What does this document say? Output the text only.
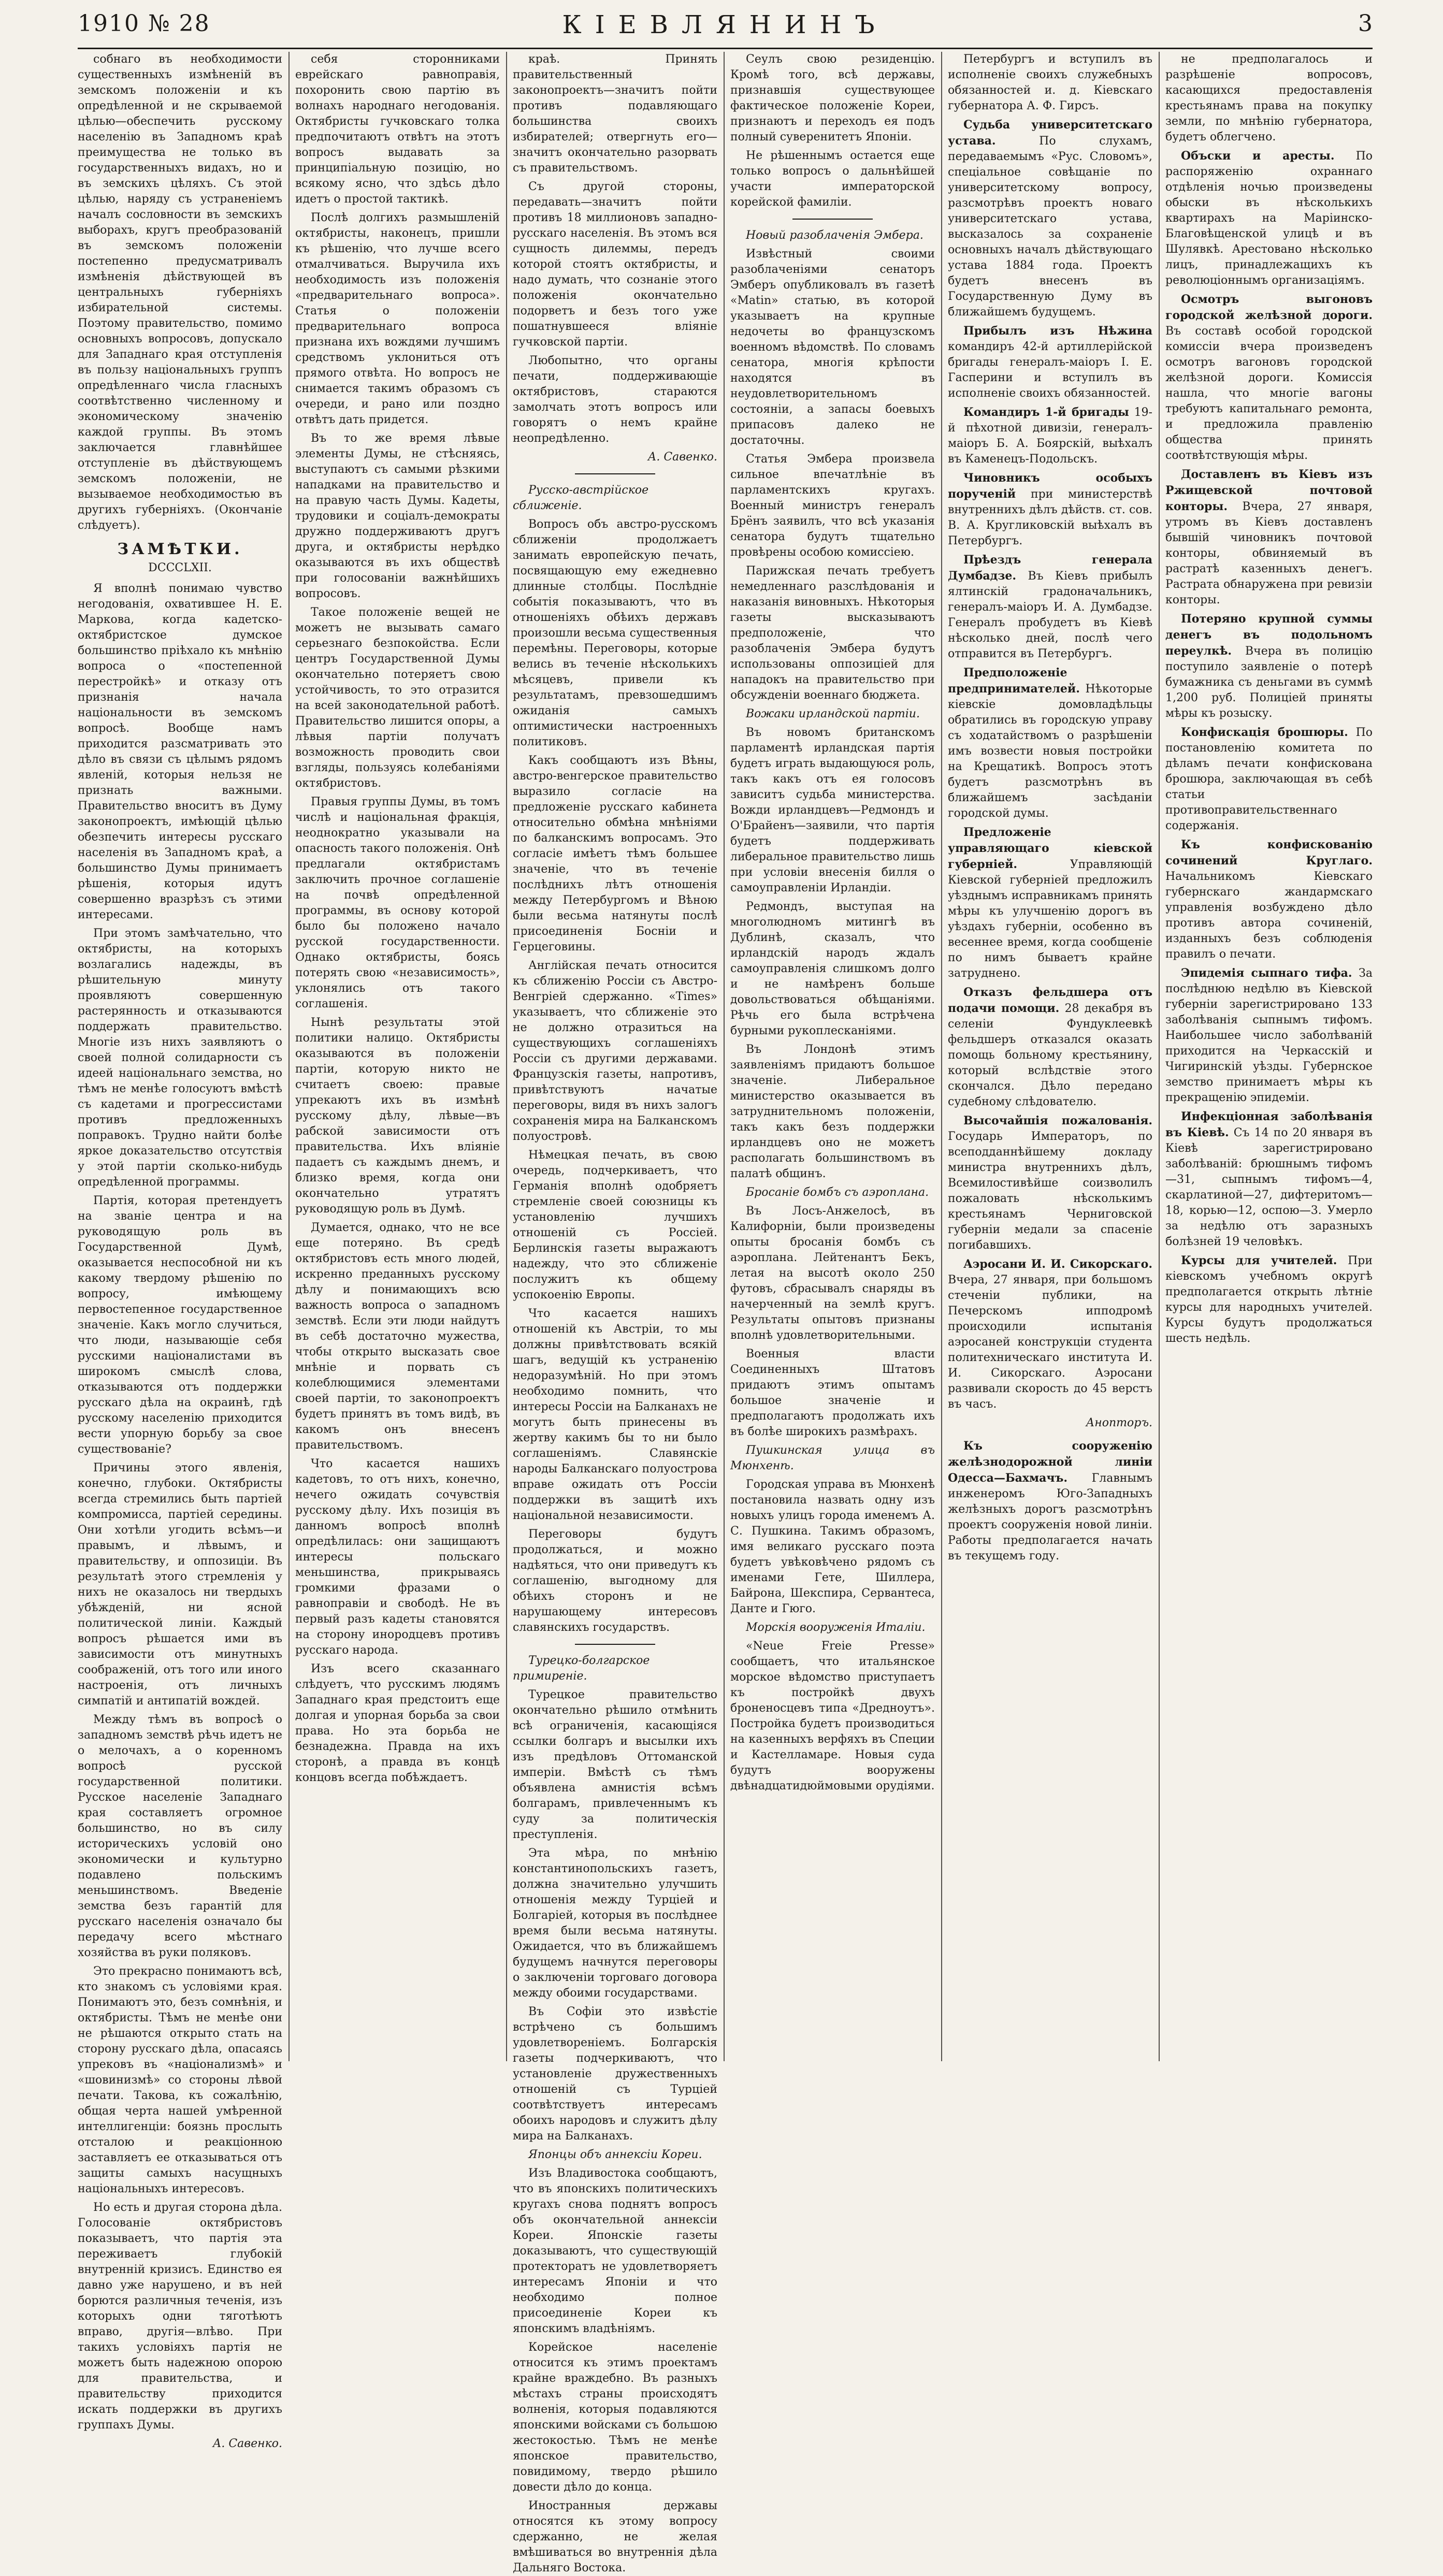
1910 № 28	КІЕВЛЯНИНЪ	3

собнаго въ необходимости существенныхъ измѣненій въ земскомъ положеніи и къ опредѣленной и не скрываемой цѣлью—обеспечить русскому населенію въ Западномъ краѣ преимущества не только въ государственныхъ видахъ, но и въ земскихъ цѣляхъ. Съ этой цѣлью, наряду съ устраненіемъ началъ сословности въ земскихъ выборахъ, кругъ преобразованій въ земскомъ положеніи постепенно предусматривалъ измѣненія дѣйствующей въ центральныхъ губерніяхъ избирательной системы. Поэтому правительство, помимо основныхъ вопросовъ, допускало для Западнаго края отступленія въ пользу національныхъ группъ опредѣленнаго числа гласныхъ соотвѣтственно численному и экономическому значенію каждой группы. Въ этомъ заключается главнѣйшее отступленіе въ дѣйствующемъ земскомъ положеніи, не вызываемое необходимостью въ другихъ губерніяхъ. (Окончаніе слѣдуетъ).

ЗАМѢТКИ.
DCCCLXII.

Я вполнѣ понимаю чувство негодованія, охватившее Н. Е. Маркова, когда кадетско-октябристское думское большинство пріѣхало къ мнѣнію вопроса о «постепенной перестройкѣ» и отказу отъ признанія начала національности въ земскомъ вопросѣ. Вообще намъ приходится разсматривать это дѣло въ связи съ цѣлымъ рядомъ явленій, которыя нельзя не признать важными. Правительство вноситъ въ Думу законопроектъ, имѣющій цѣлью обезпечить интересы русскаго населенія въ Западномъ краѣ, а большинство Думы принимаетъ рѣшенія, которыя идутъ совершенно вразрѣзъ съ этими интересами.

При этомъ замѣчательно, что октябристы, на которыхъ возлагались надежды, въ рѣшительную минуту проявляютъ совершенную растерянность и отказываются поддержать правительство. Многіе изъ нихъ заявляютъ о своей полной солидарности съ идеей національнаго земства, но тѣмъ не менѣе голосуютъ вмѣстѣ съ кадетами и прогрессистами противъ предложенныхъ поправокъ. Трудно найти болѣе яркое доказательство отсутствія у этой партіи сколько-нибудь опредѣленной программы.

Партія, которая претендуетъ на званіе центра и на руководящую роль въ Государственной Думѣ, оказывается неспособной ни къ какому твердому рѣшенію по вопросу, имѣющему первостепенное государственное значеніе. Какъ могло случиться, что люди, называющіе себя русскими націоналистами въ широкомъ смыслѣ слова, отказываются отъ поддержки русскаго дѣла на окраинѣ, гдѣ русскому населенію приходится вести упорную борьбу за свое существованіе?

Причины этого явленія, конечно, глубоки. Октябристы всегда стремились быть партіей компромисса, партіей середины. Они хотѣли угодить всѣмъ—и правымъ, и лѣвымъ, и правительству, и оппозиціи. Въ результатѣ этого стремленія у нихъ не оказалось ни твердыхъ убѣжденій, ни ясной политической линіи. Каждый вопросъ рѣшается ими въ зависимости отъ минутныхъ соображеній, отъ того или иного настроенія, отъ личныхъ симпатій и антипатій вождей.

Между тѣмъ въ вопросѣ о западномъ земствѣ рѣчь идетъ не о мелочахъ, а о коренномъ вопросѣ русской государственной политики. Русское населеніе Западнаго края составляетъ огромное большинство, но въ силу историческихъ условій оно экономически и культурно подавлено польскимъ меньшинствомъ. Введеніе земства безъ гарантій для русскаго населенія означало бы передачу всего мѣстнаго хозяйства въ руки поляковъ.

Это прекрасно понимаютъ всѣ, кто знакомъ съ условіями края. Понимаютъ это, безъ сомнѣнія, и октябристы. Тѣмъ не менѣе они не рѣшаются открыто стать на сторону русскаго дѣла, опасаясь упрековъ въ «націонализмѣ» и «шовинизмѣ» со стороны лѣвой печати. Такова, къ сожалѣнію, общая черта нашей умѣренной интеллигенціи: боязнь прослыть отсталою и реакціонною заставляетъ ее отказываться отъ защиты самыхъ насущныхъ національныхъ интересовъ.

Но есть и другая сторона дѣла. Голосованіе октябристовъ показываетъ, что партія эта переживаетъ глубокій внутренній кризисъ. Единство ея давно уже нарушено, и въ ней борются различныя теченія, изъ которыхъ одни тяготѣютъ вправо, другія—влѣво. При такихъ условіяхъ партія не можетъ быть надежною опорою для правительства, и правительству приходится искать поддержки въ другихъ группахъ Думы.

А. Савенко.

себя сторонниками еврейскаго равноправія, похоронить свою партію въ волнахъ народнаго негодованія. Октябристы гучковскаго толка предпочитаютъ отвѣтъ на этотъ вопросъ выдавать за принципіальную позицію, но всякому ясно, что здѣсь дѣло идетъ о простой тактикѣ.

Послѣ долгихъ размышленій октябристы, наконецъ, пришли къ рѣшенію, что лучше всего отмалчиваться. Выручила ихъ необходимость изъ положенія «предварительнаго вопроса». Статья о положеніи предварительнаго вопроса признана ихъ вождями лучшимъ средствомъ уклониться отъ прямого отвѣта. Но вопросъ не снимается такимъ образомъ съ очереди, и рано или поздно отвѣтъ дать придется.

Въ то же время лѣвые элементы Думы, не стѣсняясь, выступаютъ съ самыми рѣзкими нападками на правительство и на правую часть Думы. Кадеты, трудовики и соціалъ-демократы дружно поддерживаютъ другъ друга, и октябристы нерѣдко оказываются въ ихъ обществѣ при голосованіи важнѣйшихъ вопросовъ.

Такое положеніе вещей не можетъ не вызывать самаго серьезнаго безпокойства. Если центръ Государственной Думы окончательно потеряетъ свою устойчивость, то это отразится на всей законодательной работѣ. Правительство лишится опоры, а лѣвыя партіи получатъ возможность проводить свои взгляды, пользуясь колебаніями октябристовъ.

Правыя группы Думы, въ томъ числѣ и національная фракція, неоднократно указывали на опасность такого положенія. Онѣ предлагали октябристамъ заключить прочное соглашеніе на почвѣ опредѣленной программы, въ основу которой было бы положено начало русской государственности. Однако октябристы, боясь потерять свою «независимость», уклонялись отъ такого соглашенія.

Нынѣ результаты этой политики налицо. Октябристы оказываются въ положеніи партіи, которую никто не считаетъ своею: правые упрекаютъ ихъ въ измѣнѣ русскому дѣлу, лѣвые—въ рабской зависимости отъ правительства. Ихъ вліяніе падаетъ съ каждымъ днемъ, и близко время, когда они окончательно утратятъ руководящую роль въ Думѣ.

Думается, однако, что не все еще потеряно. Въ средѣ октябристовъ есть много людей, искренно преданныхъ русскому дѣлу и понимающихъ всю важность вопроса о западномъ земствѣ. Если эти люди найдутъ въ себѣ достаточно мужества, чтобы открыто высказать свое мнѣніе и порвать съ колеблющимися элементами своей партіи, то законопроектъ будетъ принятъ въ томъ видѣ, въ какомъ онъ внесенъ правительствомъ.

Что касается нашихъ кадетовъ, то отъ нихъ, конечно, нечего ожидать сочувствія русскому дѣлу. Ихъ позиція въ данномъ вопросѣ вполнѣ опредѣлилась: они защищаютъ интересы польскаго меньшинства, прикрываясь громкими фразами о равноправіи и свободѣ. Не въ первый разъ кадеты становятся на сторону инородцевъ противъ русскаго народа.

Изъ всего сказаннаго слѣдуетъ, что русскимъ людямъ Западнаго края предстоитъ еще долгая и упорная борьба за свои права. Но эта борьба не безнадежна. Правда на ихъ сторонѣ, а правда въ концѣ концовъ всегда побѣждаетъ.

краѣ. Принять правительственный законопроектъ—значитъ пойти противъ подавляющаго большинства своихъ избирателей; отвергнуть его—значитъ окончательно разорвать съ правительствомъ.

Съ другой стороны, передавать—значитъ пойти противъ 18 миллионовъ западно-русскаго населенія. Въ этомъ вся сущность дилеммы, передъ которой стоятъ октябристы, и надо думать, что сознаніе этого положенія окончательно подорветъ и безъ того уже пошатнувшееся вліяніе гучковской партіи.

Любопытно, что органы печати, поддерживающіе октябристовъ, стараются замолчать этотъ вопросъ или говорятъ о немъ крайне неопредѣленно.

А. Савенко.

Русско-австрійское сближеніе.

Вопросъ объ австро-русскомъ сближеніи продолжаетъ занимать европейскую печать, посвящающую ему ежедневно длинные столбцы. Послѣдніе событія показываютъ, что въ отношеніяхъ обѣихъ державъ произошли весьма существенныя перемѣны. Переговоры, которые велись въ теченіе нѣсколькихъ мѣсяцевъ, привели къ результатамъ, превзошедшимъ ожиданія самыхъ оптимистически настроенныхъ политиковъ.

Какъ сообщаютъ изъ Вѣны, австро-венгерское правительство выразило согласіе на предложеніе русскаго кабинета относительно обмѣна мнѣніями по балканскимъ вопросамъ. Это согласіе имѣетъ тѣмъ большее значеніе, что въ теченіе послѣднихъ лѣтъ отношенія между Петербургомъ и Вѣною были весьма натянуты послѣ присоединенія Босніи и Герцеговины.

Англійская печать относится къ сближенію Россіи съ Австро-Венгріей сдержанно. «Times» указываетъ, что сближеніе это не должно отразиться на существующихъ соглашеніяхъ Россіи съ другими державами. Французскія газеты, напротивъ, привѣтствуютъ начатые переговоры, видя въ нихъ залогъ сохраненія мира на Балканскомъ полуостровѣ.

Нѣмецкая печать, въ свою очередь, подчеркиваетъ, что Германія вполнѣ одобряетъ стремленіе своей союзницы къ установленію лучшихъ отношеній съ Россіей. Берлинскія газеты выражаютъ надежду, что это сближеніе послужитъ къ общему успокоенію Европы.

Что касается нашихъ отношеній къ Австріи, то мы должны привѣтствовать всякій шагъ, ведущій къ устраненію недоразумѣній. Но при этомъ необходимо помнить, что интересы Россіи на Балканахъ не могутъ быть принесены въ жертву какимъ бы то ни было соглашеніямъ. Славянскіе народы Балканскаго полуострова вправе ожидать отъ Россіи поддержки въ защитѣ ихъ національной независимости.

Переговоры будутъ продолжаться, и можно надѣяться, что они приведутъ къ соглашенію, выгодному для обѣихъ сторонъ и не нарушающему интересовъ славянскихъ государствъ.

Турецко-болгарское примиреніе.

Турецкое правительство окончательно рѣшило отмѣнить всѣ ограниченія, касающіяся ссылки болгаръ и высылки ихъ изъ предѣловъ Оттоманской имперіи. Вмѣстѣ съ тѣмъ объявлена амнистія всѣмъ болгарамъ, привлеченнымъ къ суду за политическія преступленія.

Эта мѣра, по мнѣнію константинопольскихъ газетъ, должна значительно улучшить отношенія между Турціей и Болгаріей, которыя въ послѣднее время были весьма натянуты. Ожидается, что въ ближайшемъ будущемъ начнутся переговоры о заключеніи торговаго договора между обоими государствами.

Въ Софіи это извѣстіе встрѣчено съ большимъ удовлетвореніемъ. Болгарскія газеты подчеркиваютъ, что установленіе дружественныхъ отношеній съ Турціей соотвѣтствуетъ интересамъ обоихъ народовъ и служитъ дѣлу мира на Балканахъ.

Японцы объ аннексіи Кореи.

Изъ Владивостока сообщаютъ, что въ японскихъ политическихъ кругахъ снова поднятъ вопросъ объ окончательной аннексіи Кореи. Японскіе газеты доказываютъ, что существующій протекторатъ не удовлетворяетъ интересамъ Японіи и что необходимо полное присоединеніе Кореи къ японскимъ владѣніямъ.

Корейское населеніе относится къ этимъ проектамъ крайне враждебно. Въ разныхъ мѣстахъ страны происходятъ волненія, которыя подавляются японскими войсками съ большою жестокостью. Тѣмъ не менѣе японское правительство, повидимому, твердо рѣшило довести дѣло до конца.

Иностранныя державы относятся къ этому вопросу сдержанно, не желая вмѣшиваться во внутреннія дѣла Дальняго Востока.

Сеулъ свою резиденцію. Кромѣ того, всѣ державы, признавшія существующее фактическое положеніе Кореи, признаютъ и переходъ ея подъ полный суверенитетъ Японіи.

Не рѣшеннымъ остается еще только вопросъ о дальнѣйшей участи императорской корейской фамиліи.

Новый разоблаченія Эмбера.

Извѣстный своими разоблаченіями сенаторъ Эмберъ опубликовалъ въ газетѣ «Matin» статью, въ которой указываетъ на крупные недочеты во французскомъ военномъ вѣдомствѣ. По словамъ сенатора, многія крѣпости находятся въ неудовлетворительномъ состояніи, а запасы боевыхъ припасовъ далеко не достаточны.

Статья Эмбера произвела сильное впечатлѣніе въ парламентскихъ кругахъ. Военный министръ генералъ Брёнъ заявилъ, что всѣ указанія сенатора будутъ тщательно провѣрены особою комиссіею.

Парижская печать требуетъ немедленнаго разслѣдованія и наказанія виновныхъ. Нѣкоторыя газеты высказываютъ предположеніе, что разоблаченія Эмбера будутъ использованы оппозиціей для нападокъ на правительство при обсужденіи военнаго бюджета.

Вожаки ирландской партіи.

Въ новомъ британскомъ парламентѣ ирландская партія будетъ играть выдающуюся роль, такъ какъ отъ ея голосовъ зависитъ судьба министерства. Вожди ирландцевъ—Редмондъ и О'Брайенъ—заявили, что партія будетъ поддерживать либеральное правительство лишь при условіи внесенія билля о самоуправленіи Ирландіи.

Редмондъ, выступая на многолюдномъ митингѣ въ Дублинѣ, сказалъ, что ирландскій народъ ждалъ самоуправленія слишкомъ долго и не намѣренъ больше довольствоваться обѣщаніями. Рѣчь его была встрѣчена бурными рукоплесканіями.

Въ Лондонѣ этимъ заявленіямъ придаютъ большое значеніе. Либеральное министерство оказывается въ затруднительномъ положеніи, такъ какъ безъ поддержки ирландцевъ оно не можетъ располагать большинствомъ въ палатѣ общинъ.

Бросаніе бомбъ съ аэроплана.

Въ Лосъ-Анжелосѣ, въ Калифорніи, были произведены опыты бросанія бомбъ съ аэроплана. Лейтенантъ Бекъ, летая на высотѣ около 250 футовъ, сбрасывалъ снаряды въ начерченный на землѣ кругъ. Результаты опытовъ признаны вполнѣ удовлетворительными.

Военныя власти Соединенныхъ Штатовъ придаютъ этимъ опытамъ большое значеніе и предполагаютъ продолжать ихъ въ болѣе широкихъ размѣрахъ.

Пушкинская улица въ Мюнхенѣ.

Городская управа въ Мюнхенѣ постановила назвать одну изъ новыхъ улицъ города именемъ А. С. Пушкина. Такимъ образомъ, имя великаго русскаго поэта будетъ увѣковѣчено рядомъ съ именами Гете, Шиллера, Байрона, Шекспира, Сервантеса, Данте и Гюго.

Морскія вооруженія Италіи.

«Neue Freie Presse» сообщаетъ, что итальянское морское вѣдомство приступаетъ къ постройкѣ двухъ броненосцевъ типа «Дредноутъ». Постройка будетъ производиться на казенныхъ верфяхъ въ Специи и Кастелламаре. Новыя суда будутъ вооружены двѣнадцатидюймовыми орудіями.

Петербургъ и вступилъ въ исполненіе своихъ служебныхъ обязанностей и. д. Кіевскаго губернатора А. Ф. Гирсъ.

Судьба университетскаго устава.	По слухамъ, передаваемымъ «Рус. Словомъ», спеціальное совѣщаніе по университетскому вопросу, разсмотрѣвъ проектъ новаго университетскаго устава, высказалось за сохраненіе основныхъ началъ дѣйствующаго устава 1884 года. Проектъ будетъ внесенъ въ Государственную Думу въ ближайшемъ будущемъ.

Прибылъ изъ Нѣжина командиръ 42-й артиллерійской бригады генералъ-маіоръ І. Е. Гасперини и вступилъ въ исполненіе своихъ обязанностей.

Командиръ 1-й бригады 19-й пѣхотной дивизіи, генералъ-маіоръ Б. А. Боярскій, выѣхалъ въ Каменецъ-Подольскъ.

Чиновникъ особыхъ порученій при министерствѣ внутреннихъ дѣлъ дѣйств. ст. сов. В. А. Кругликовскій выѣхалъ въ Петербургъ.

Прѣездъ генерала Думбадзе. Въ Кіевъ прибылъ ялтинскій градоначальникъ, генералъ-маіоръ И. А. Думбадзе. Генералъ пробудетъ въ Кіевѣ нѣсколько дней, послѣ чего отправится въ Петербургъ.

Предположеніе предпринимателей. Нѣкоторые кіевскіе домовладѣльцы обратились въ городскую управу съ ходатайствомъ о разрѣшеніи имъ возвести новыя постройки на Крещатикѣ. Вопросъ этотъ будетъ разсмотрѣнъ въ ближайшемъ засѣданіи городской думы.

Предложеніе управляющаго кіевской губерніей.	Управляющій Кіевской губерніей предложилъ уѣзднымъ исправникамъ принять мѣры къ улучшенію дорогъ въ уѣздахъ губерніи, особенно въ весеннее время, когда сообщеніе по нимъ бываетъ крайне затруднено.

Отказъ фельдшера отъ подачи помощи. 28 декабря въ селеніи Фундуклеевкѣ фельдшеръ отказался оказать помощь больному крестьянину, который вслѣдствіе этого скончался. Дѣло передано судебному слѣдователю.

Высочайшія пожалованія. Государь Императоръ, по всеподданнѣйшему докладу министра внутреннихъ дѣлъ, Всемилостивѣйше соизволилъ пожаловать нѣсколькимъ крестьянамъ Черниговской губерніи медали за спасеніе погибавшихъ.

Аэросани И. И. Сикорскаго. Вчера, 27 января, при большомъ стеченіи публики, на Печерскомъ ипподромѣ происходили испытанія аэросаней конструкціи студента политехническаго института И. И. Сикорскаго. Аэросани развивали скорость до 45 верстъ въ часъ.

Анопторъ.

Къ сооруженію желѣзнодорожной линіи Одесса—Бахмачъ. Главнымъ инженеромъ Юго-Западныхъ желѣзныхъ дорогъ разсмотрѣнъ проектъ сооруженія новой линіи. Работы предполагается начать въ текущемъ году.

не предполагалось и разрѣшеніе вопросовъ, касающихся предоставленія крестьянамъ права на покупку земли, по мнѣнію губернатора, будетъ облегчено.

Объски и аресты. По распоряженію охраннаго отдѣленія ночью произведены обыски въ нѣсколькихъ квартирахъ на Маріинско-Благовѣщенской улицѣ и въ Шулявкѣ. Арестовано нѣсколько лицъ, принадлежащихъ къ революціоннымъ организаціямъ.

Осмотръ выгоновъ городской желѣзной дороги. Въ составѣ особой городской комиссіи вчера произведенъ осмотръ вагоновъ городской желѣзной дороги. Комиссія нашла, что многіе вагоны требуютъ капитальнаго ремонта, и предложила правленію общества принять соотвѣтствующія мѣры.

Доставленъ въ Кіевъ изъ Ржищевской почтовой конторы. Вчера, 27 января, утромъ въ Кіевъ доставленъ бывшій чиновникъ почтовой конторы, обвиняемый въ растратѣ казенныхъ денегъ. Растрата обнаружена при ревизіи конторы.

Потеряно крупной суммы денегъ въ подольномъ переулкѣ. Вчера въ полицію поступило заявленіе о потерѣ бумажника съ деньгами въ суммѣ 1,200 руб. Полиціей приняты мѣры къ розыску.

Конфискація брошюры. По постановленію комитета по дѣламъ печати конфискована брошюра, заключающая въ себѣ статьи противоправительственнаго содержанія.

Къ конфискованію сочинений Круглаго. Начальникомъ Кіевскаго губернскаго жандармскаго управленія возбуждено дѣло противъ автора сочиненій, изданныхъ безъ соблюденія правилъ о печати.

Эпидемія сыпнаго тифа. За послѣднюю недѣлю въ Кіевской губерніи зарегистрировано 133 заболѣванія сыпнымъ тифомъ. Наибольшее число заболѣваній приходится на Черкасскій и Чигиринскій уѣзды. Губернское земство принимаетъ мѣры къ прекращенію эпидеміи.

Инфекціонная заболѣванія въ Кіевѣ. Съ 14 по 20 января въ Кіевѣ зарегистрировано заболѣваній: брюшнымъ тифомъ—31, сыпнымъ тифомъ—4, скарлатиной—27, дифтеритомъ—18, корью—12, оспою—3. Умерло за недѣлю отъ заразныхъ болѣзней 19 человѣкъ.

Курсы для учителей. При кіевскомъ учебномъ округѣ предполагается открыть лѣтніе курсы для народныхъ учителей. Курсы будутъ продолжаться шесть недѣль.
